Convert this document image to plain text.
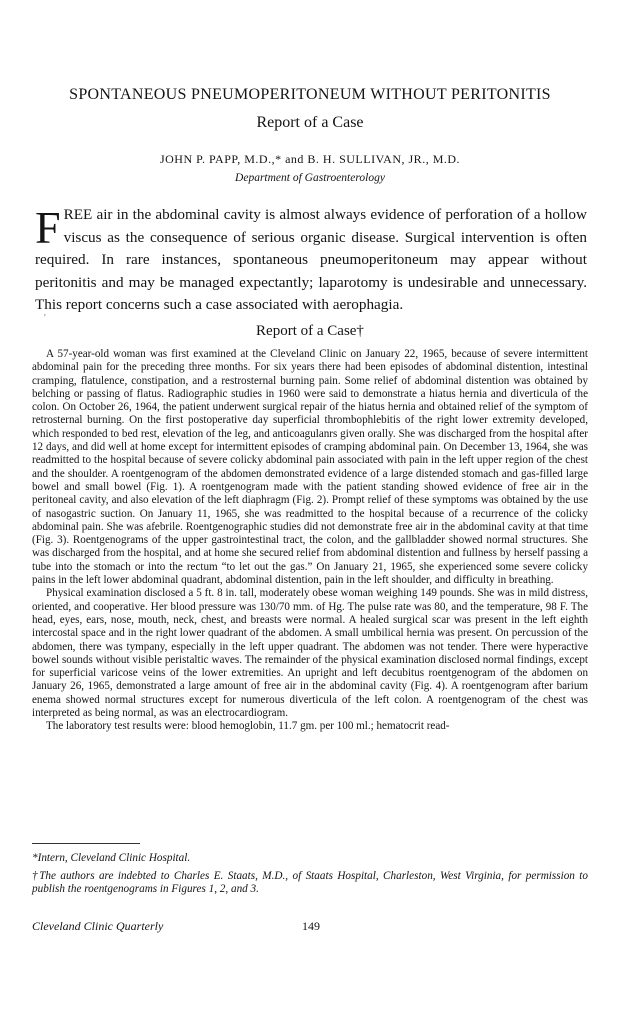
SPONTANEOUS PNEUMOPERITONEUM WITHOUT PERITONITIS
Report of a Case
JOHN P. PAPP, M.D.,* and B. H. SULLIVAN, JR., M.D.
Department of Gastroenterology
F REE air in the abdominal cavity is almost always evidence of perforation of a hollow viscus as the consequence of serious organic disease. Surgical intervention is often required. In rare instances, spontaneous pneumoperitoneum may appear without peritonitis and may be managed expectantly; laparotomy is undesirable and unnecessary. This report concerns such a case associated with aerophagia.
'
Report of a Case†

A 57-year-old woman was first examined at the Cleveland Clinic on January 22, 1965, because of severe intermittent abdominal pain for the preceding three months. For six years there had been episodes of abdominal distention, intestinal cramping, flatulence, constipation, and a restrosternal burning pain. Some relief of abdominal distention was obtained by belching or passing of flatus. Radiographic studies in 1960 were said to demonstrate a hiatus hernia and diverticula of the colon. On October 26, 1964, the patient underwent surgical repair of the hiatus hernia and obtained relief of the symptom of retrosternal burning. On the first postoperative day superficial thrombophlebitis of the right lower extremity developed, which responded to bed rest, elevation of the leg, and anticoagulanrs given orally. She was discharged from the hospital after 12 days, and did well at home except for intermittent episodes of cramping abdominal pain. On December 13, 1964, she was readmitted to the hospital because of severe colicky abdominal pain associated with pain in the left upper region of the chest and the shoulder. A roentgenogram of the abdomen demonstrated evidence of a large distended stomach and gas-filled large bowel and small bowel (Fig. 1). A roentgenogram made with the patient standing showed evidence of free air in the peritoneal cavity, and also elevation of the left diaphragm (Fig. 2). Prompt relief of these symptoms was obtained by the use of nasogastric suction. On January 11, 1965, she was readmitted to the hospital because of a recurrence of the colicky abdominal pain. She was afebrile. Roentgenographic studies did not demonstrate free air in the abdominal cavity at that time (Fig. 3). Roentgenograms of the upper gastrointestinal tract, the colon, and the gallbladder showed normal structures. She was discharged from the hospital, and at home she secured relief from abdominal distention and fullness by herself passing a tube into the stomach or into the rectum “to let out the gas.” On January 21, 1965, she experienced some severe colicky pains in the left lower abdominal quadrant, abdominal distention, pain in the left shoulder, and difficulty in breathing.

Physical examination disclosed a 5 ft. 8 in. tall, moderately obese woman weighing 149 pounds. She was in mild distress, oriented, and cooperative. Her blood pressure was 130/70 mm. of Hg. The pulse rate was 80, and the temperature, 98 F. The head, eyes, ears, nose, mouth, neck, chest, and breasts were normal. A healed surgical scar was present in the left eighth intercostal space and in the right lower quadrant of the abdomen. A small umbilical hernia was present. On percussion of the abdomen, there was tympany, especially in the left upper quadrant. The abdomen was not tender. There were hyperactive bowel sounds without visible peristaltic waves. The remainder of the physical examination disclosed normal findings, except for superficial varicose veins of the lower extremities. An upright and left decubitus roentgenogram of the abdomen on January 26, 1965, demonstrated a large amount of free air in the abdominal cavity (Fig. 4). A roentgenogram after barium enema showed normal structures except for numerous diverticula of the left colon. A roentgenogram of the chest was interpreted as being normal, as was an electrocardiogram.

The laboratory test results were: blood hemoglobin, 11.7 gm. per 100 ml.; hematocrit read-

*Intern, Cleveland Clinic Hospital.

†The authors are indebted to Charles E. Staats, M.D., of Staats Hospital, Charleston, West Virginia, for permission to publish the roentgenograms in Figures 1, 2, and 3.

Cleveland Clinic Quarterly	149
